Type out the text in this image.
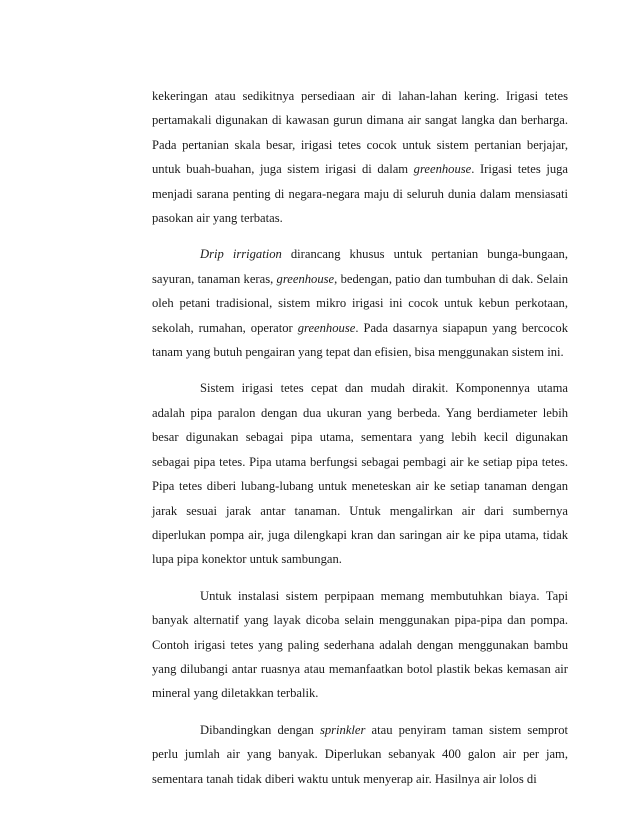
kekeringan atau sedikitnya persediaan air di lahan-lahan kering. Irigasi tetes pertamakali digunakan di kawasan gurun dimana air sangat langka dan berharga. Pada pertanian skala besar, irigasi tetes cocok untuk sistem pertanian berjajar, untuk buah-buahan, juga sistem irigasi di dalam greenhouse. Irigasi tetes juga menjadi sarana penting di negara-negara maju di seluruh dunia dalam mensiasati pasokan air yang terbatas.

Drip irrigation dirancang khusus untuk pertanian bunga-bungaan, sayuran, tanaman keras, greenhouse, bedengan, patio dan tumbuhan di dak. Selain oleh petani tradisional, sistem mikro irigasi ini cocok untuk kebun perkotaan, sekolah, rumahan, operator greenhouse. Pada dasarnya siapapun yang bercocok tanam yang butuh pengairan yang tepat dan efisien, bisa menggunakan sistem ini.

Sistem irigasi tetes cepat dan mudah dirakit. Komponennya utama adalah pipa paralon dengan dua ukuran yang berbeda. Yang berdiameter lebih besar digunakan sebagai pipa utama, sementara yang lebih kecil digunakan sebagai pipa tetes. Pipa utama berfungsi sebagai pembagi air ke setiap pipa tetes. Pipa tetes diberi lubang-lubang untuk meneteskan air ke setiap tanaman dengan jarak sesuai jarak antar tanaman. Untuk mengalirkan air dari sumbernya diperlukan pompa air, juga dilengkapi kran dan saringan air ke pipa utama, tidak lupa pipa konektor untuk sambungan.

Untuk instalasi sistem perpipaan memang membutuhkan biaya. Tapi banyak alternatif yang layak dicoba selain menggunakan pipa-pipa dan pompa. Contoh irigasi tetes yang paling sederhana adalah dengan menggunakan bambu yang dilubangi antar ruasnya atau memanfaatkan botol plastik bekas kemasan air mineral yang diletakkan terbalik.

Dibandingkan dengan sprinkler atau penyiram taman sistem semprot perlu jumlah air yang banyak. Diperlukan sebanyak 400 galon air per jam, sementara tanah tidak diberi waktu untuk menyerap air. Hasilnya air lolos di
